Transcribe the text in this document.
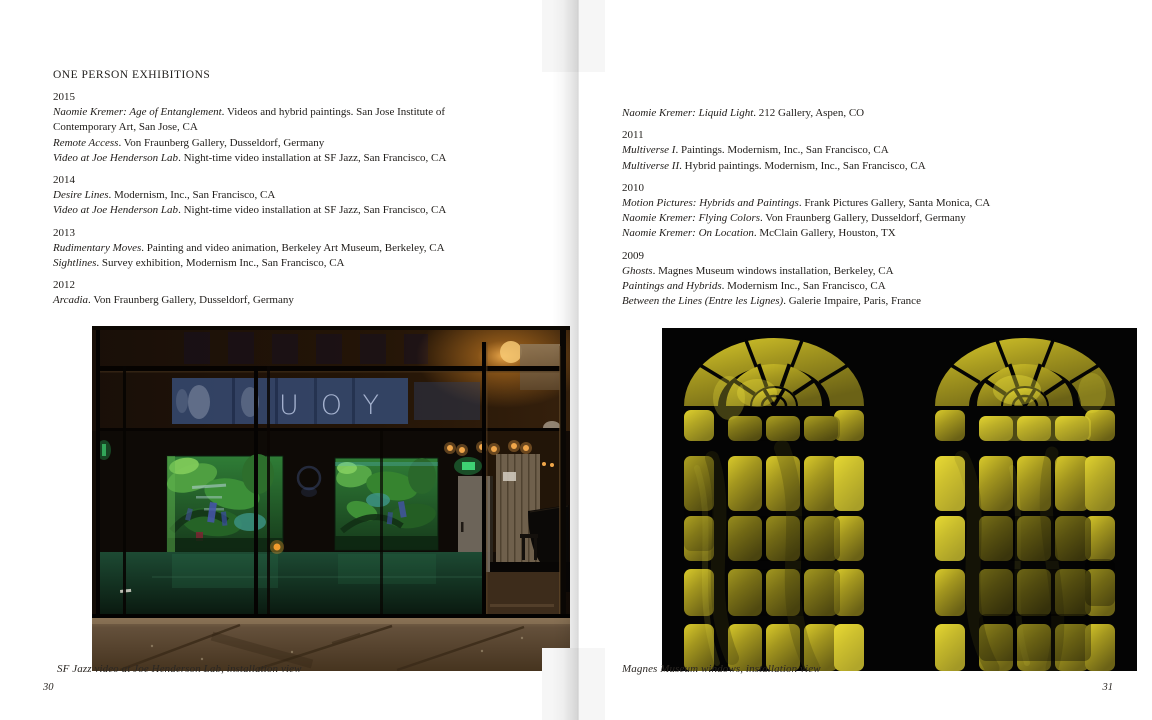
ONE PERSON EXHIBITIONS
2015
Naomie Kremer: Age of Entanglement. Videos and hybrid paintings. San Jose Institute of
Contemporary Art, San Jose, CA
Remote Access. Von Fraunberg Gallery, Dusseldorf, Germany
Video at Joe Henderson Lab. Night-time video installation at SF Jazz, San Francisco, CA
2014
Desire Lines. Modernism, Inc., San Francisco, CA
Video at Joe Henderson Lab. Night-time video installation at SF Jazz, San Francisco, CA
2013
Rudimentary Moves. Painting and video animation, Berkeley Art Museum, Berkeley, CA
Sightlines. Survey exhibition, Modernism Inc., San Francisco, CA
2012
Arcadia. Von Fraunberg Gallery, Dusseldorf, Germany
UOY
SF Jazz video at Joe Henderson Lab, installation view
30
Naomie Kremer: Liquid Light. 212 Gallery, Aspen, CO
2011
Multiverse I. Paintings. Modernism, Inc., San Francisco, CA
Multiverse II. Hybrid paintings. Modernism, Inc., San Francisco, CA
2010
Motion Pictures: Hybrids and Paintings. Frank Pictures Gallery, Santa Monica, CA
Naomie Kremer: Flying Colors. Von Fraunberg Gallery, Dusseldorf, Germany
Naomie Kremer: On Location. McClain Gallery, Houston, TX
2009
Ghosts. Magnes Museum windows installation, Berkeley, CA
Paintings and Hybrids. Modernism Inc., San Francisco, CA
Between the Lines (Entre les Lignes). Galerie Impaire, Paris, France
Magnes Museum windows, installation view
31
